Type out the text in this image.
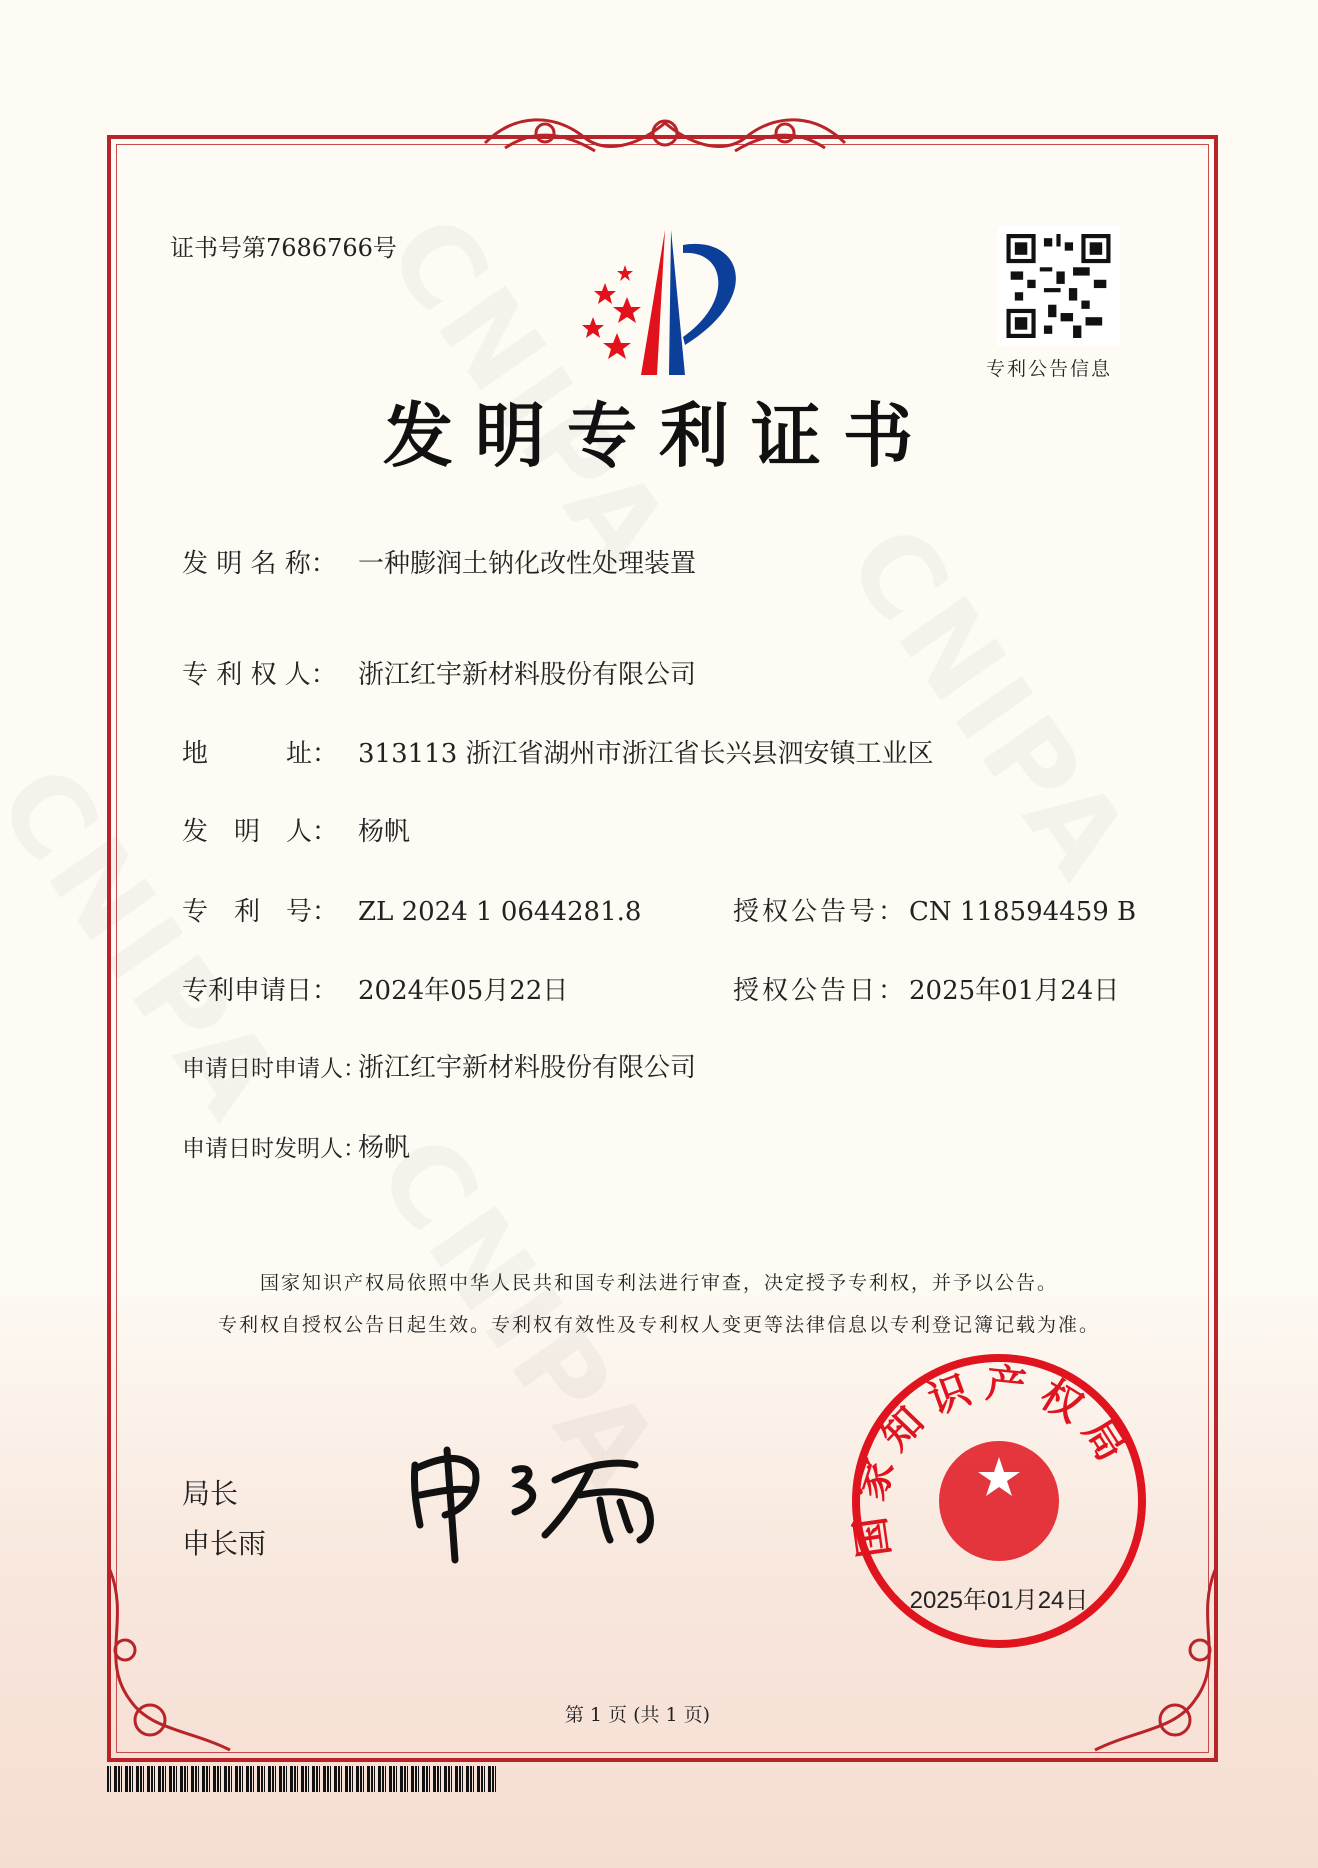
证书号第7686766号
专利公告信息
发明专利证书
发 明 名 称： 一种膨润土钠化改性处理装置
专 利 权 人： 浙江红宇新材料股份有限公司
地　　　址： 313113 浙江省湖州市浙江省长兴县泗安镇工业区
发　明　人： 杨帆
专　利　号： ZL 2024 1 0644281.8	授权公告号：CN 118594459 B
专利申请日： 2024年05月22日	授权公告日：2025年01月24日
申请日时申请人：浙江红宇新材料股份有限公司
申请日时发明人：杨帆
国家知识产权局依照中华人民共和国专利法进行审查，决定授予专利权，并予以公告。
专利权自授权公告日起生效。专利权有效性及专利权人变更等法律信息以专利登记簿记载为准。
局长
申长雨	国家知识产权局
2025年01月24日
第 1 页 (共 1 页)
